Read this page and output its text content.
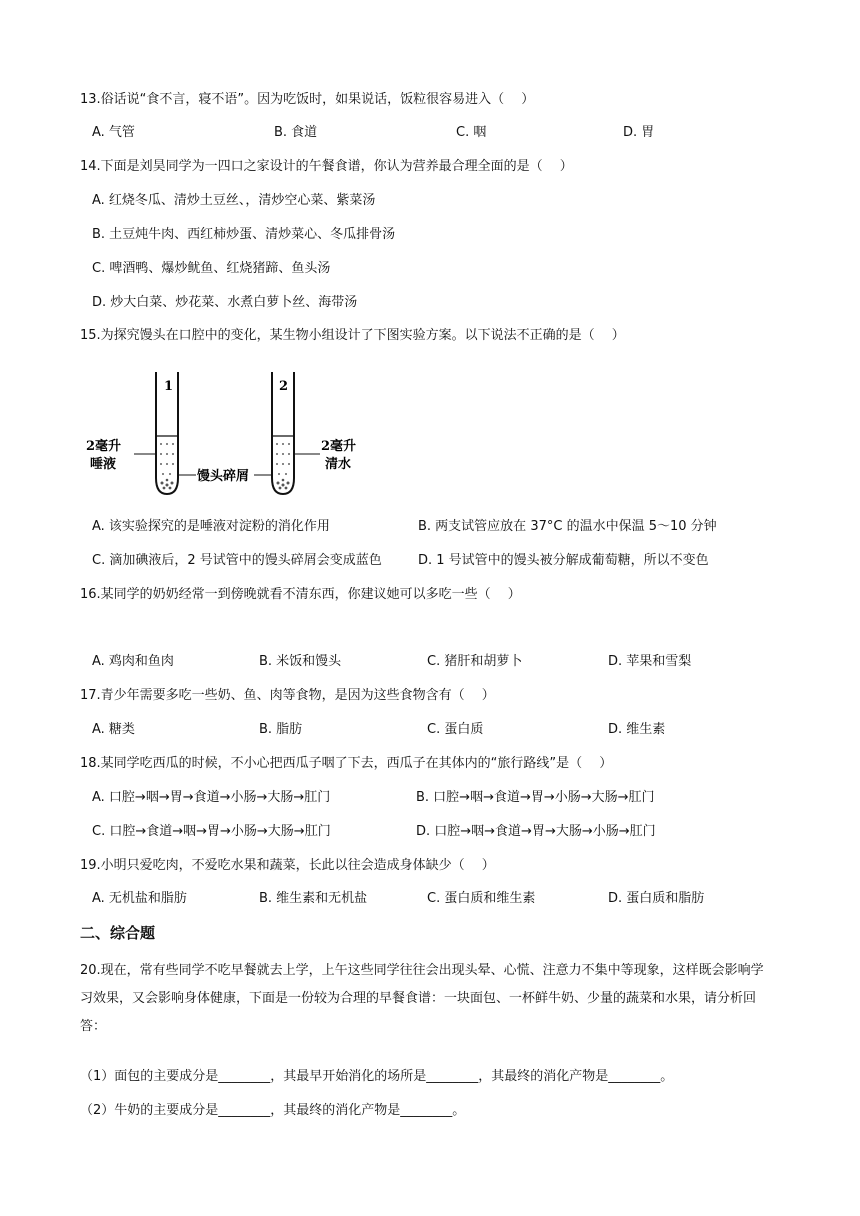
13.俗话说“食不言，寝不语”。因为吃饭时，如果说话，饭粒很容易进入（　 ）
A. 气管	B. 食道	C. 咽	D. 胃
14.下面是刘昊同学为一四口之家设计的午餐食谱，你认为营养最合理全面的是（　 ）
A. 红烧冬瓜、清炒土豆丝、，清炒空心菜、紫菜汤
B. 土豆炖牛肉、西红柿炒蛋、清炒菜心、冬瓜排骨汤
C. 啤酒鸭、爆炒鱿鱼、红烧猪蹄、鱼头汤
D. 炒大白菜、炒花菜、水煮白萝卜丝、海带汤
15.为探究馒头在口腔中的变化，某生物小组设计了下图实验方案。以下说法不正确的是（　 ）
1	2
2毫升
唾液
馒头碎屑
2毫升
清水
A. 该实验探究的是唾液对淀粉的消化作用	B. 两支试管应放在 37°C 的温水中保温 5～10 分钟
C. 滴加碘液后，2 号试管中的馒头碎屑会变成蓝色	D. 1 号试管中的馒头被分解成葡萄糖，所以不变色
16.某同学的奶奶经常一到傍晚就看不清东西，你建议她可以多吃一些（　 ）
A. 鸡肉和鱼肉	B. 米饭和馒头	C. 猪肝和胡萝卜	D. 苹果和雪梨
17.青少年需要多吃一些奶、鱼、肉等食物，是因为这些食物含有（　 ）
A. 糖类	B. 脂肪	C. 蛋白质	D. 维生素
18.某同学吃西瓜的时候，不小心把西瓜子咽了下去，西瓜子在其体内的“旅行路线”是（　 ）
A. 口腔→咽→胃→食道→小肠→大肠→肛门	B. 口腔→咽→食道→胃→小肠→大肠→肛门
C. 口腔→食道→咽→胃→小肠→大肠→肛门	D. 口腔→咽→食道→胃→大肠→小肠→肛门
19.小明只爱吃肉，不爱吃水果和蔬菜，长此以往会造成身体缺少（　 ）
A. 无机盐和脂肪	B. 维生素和无机盐	C. 蛋白质和维生素	D. 蛋白质和脂肪
二、综合题
20.现在，常有些同学不吃早餐就去上学，上午这些同学往往会出现头晕、心慌、注意力不集中等现象，这样既会影响学习效果，又会影响身体健康，下面是一份较为合理的早餐食谱：一块面包、一杯鲜牛奶、少量的蔬菜和水果，请分析回答：
（1）面包的主要成分是________，其最早开始消化的场所是________，其最终的消化产物是________。
（2）牛奶的主要成分是________，其最终的消化产物是________。
